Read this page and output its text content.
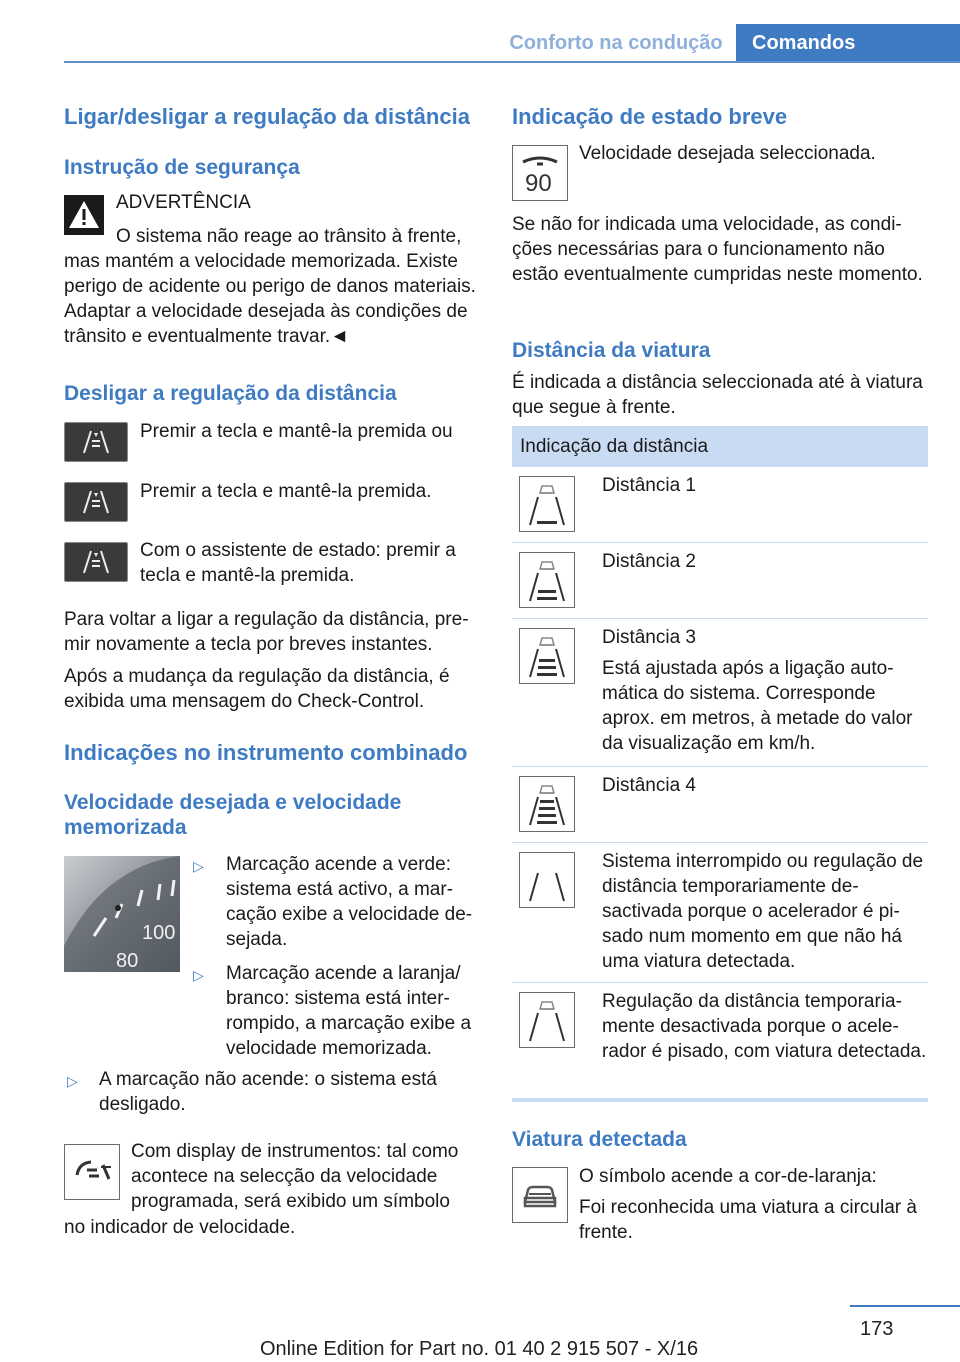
Conforto na condução	Comandos
Ligar/desligar a regulação da distância
Instrução de segurança
ADVERTÊNCIA
O sistema não reage ao trânsito à frente,
mas mantém a velocidade memorizada. Existe perigo de acidente ou perigo de danos materiais. Adaptar a velocidade desejada às condições de trânsito e eventualmente travar.◄
Desligar a regulação da distância
Premir a tecla e mantê-la premida ou
Premir a tecla e mantê-la premida.
Com o assistente de estado: premir a tecla e mantê-la premida.
Para voltar a ligar a regulação da distância, premir novamente a tecla por breves instantes.
Após a mudança da regulação da distância, é exibida uma mensagem do Check-Control.
Indicações no instrumento combinado
Velocidade desejada e velocidade memorizada
100
80
▷ Marcação acende a verde: sistema está activo, a marcação exibe a velocidade desejada.
▷ Marcação acende a laranja/ branco: sistema está interrompido, a marcação exibe a velocidade memorizada.
▷ A marcação não acende: o sistema está desligado.
Com display de instrumentos: tal como acontece na selecção da velocidade programada, será exibido um símbolo
no indicador de velocidade.
Indicação de estado breve
90
Velocidade desejada seleccionada.
Se não for indicada uma velocidade, as condições necessárias para o funcionamento não estão eventualmente cumpridas neste momento.
Distância da viatura
É indicada a distância seleccionada até à viatura que segue à frente.
Indicação da distância

Distância 1

Distância 2

Distância 3

Está ajustada após a ligação automática do sistema. Corresponde aprox. em metros, à metade do valor da visualização em km/h.

Distância 4

Sistema interrompido ou regulação de distância temporariamente desactivada porque o acelerador é pisado num momento em que não há uma viatura detectada.

Regulação da distância temporariamente desactivada porque o acelerador é pisado, com viatura detectada.

Viatura detectada
O símbolo acende a cor-de-laranja:
Foi reconhecida uma viatura a circular à frente.
173
Online Edition for Part no. 01 40 2 915 507 - X/16
